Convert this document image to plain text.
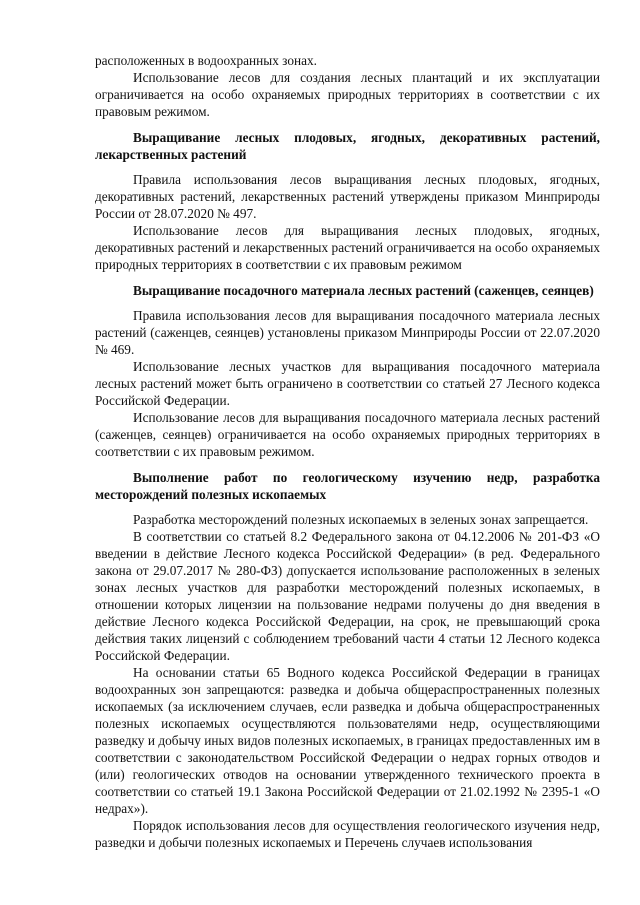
расположенных в водоохранных зонах.

Использование лесов для создания лесных плантаций и их эксплуатации ограничивается на особо охраняемых природных территориях в соответствии с их правовым режимом.

Выращивание лесных плодовых, ягодных, декоративных растений, лекарственных растений

Правила использования лесов выращивания лесных плодовых, ягодных, декоративных растений, лекарственных растений утверждены приказом Минприроды России от 28.07.2020 № 497.

Использование лесов для выращивания лесных плодовых, ягодных, декоративных растений и лекарственных растений ограничивается на особо охраняемых природных территориях в соответствии с их правовым режимом

Выращивание посадочного материала лесных растений (саженцев, сеянцев)

Правила использования лесов для выращивания посадочного материала лесных растений (саженцев, сеянцев) установлены приказом Минприроды России от 22.07.2020 № 469.

Использование лесных участков для выращивания посадочного материала лесных растений может быть ограничено в соответствии со статьей 27 Лесного кодекса Российской Федерации.

Использование лесов для выращивания посадочного материала лесных растений (саженцев, сеянцев) ограничивается на особо охраняемых природных территориях в соответствии с их правовым режимом.

Выполнение работ по геологическому изучению недр, разработка месторождений полезных ископаемых

Разработка месторождений полезных ископаемых в зеленых зонах запрещается.

В соответствии со статьей 8.2 Федерального закона от 04.12.2006 № 201-ФЗ «О введении в действие Лесного кодекса Российской Федерации» (в ред. Федерального закона от 29.07.2017 № 280-ФЗ) допускается использование расположенных в зеленых зонах лесных участков для разработки месторождений полезных ископаемых, в отношении которых лицензии на пользование недрами получены до дня введения в действие Лесного кодекса Российской Федерации, на срок, не превышающий срока действия таких лицензий с соблюдением требований части 4 статьи 12 Лесного кодекса Российской Федерации.

На основании статьи 65 Водного кодекса Российской Федерации в границах водоохранных зон запрещаются: разведка и добыча общераспространенных полезных ископаемых (за исключением случаев, если разведка и добыча общераспространенных полезных ископаемых осуществляются пользователями недр, осуществляющими разведку и добычу иных видов полезных ископаемых, в границах предоставленных им в соответствии с законодательством Российской Федерации о недрах горных отводов и (или) геологических отводов на основании утвержденного технического проекта в соответствии со статьей 19.1 Закона Российской Федерации от 21.02.1992 № 2395-1 «О недрах»).

Порядок использования лесов для осуществления геологического изучения недр, разведки и добычи полезных ископаемых и Перечень случаев использования
